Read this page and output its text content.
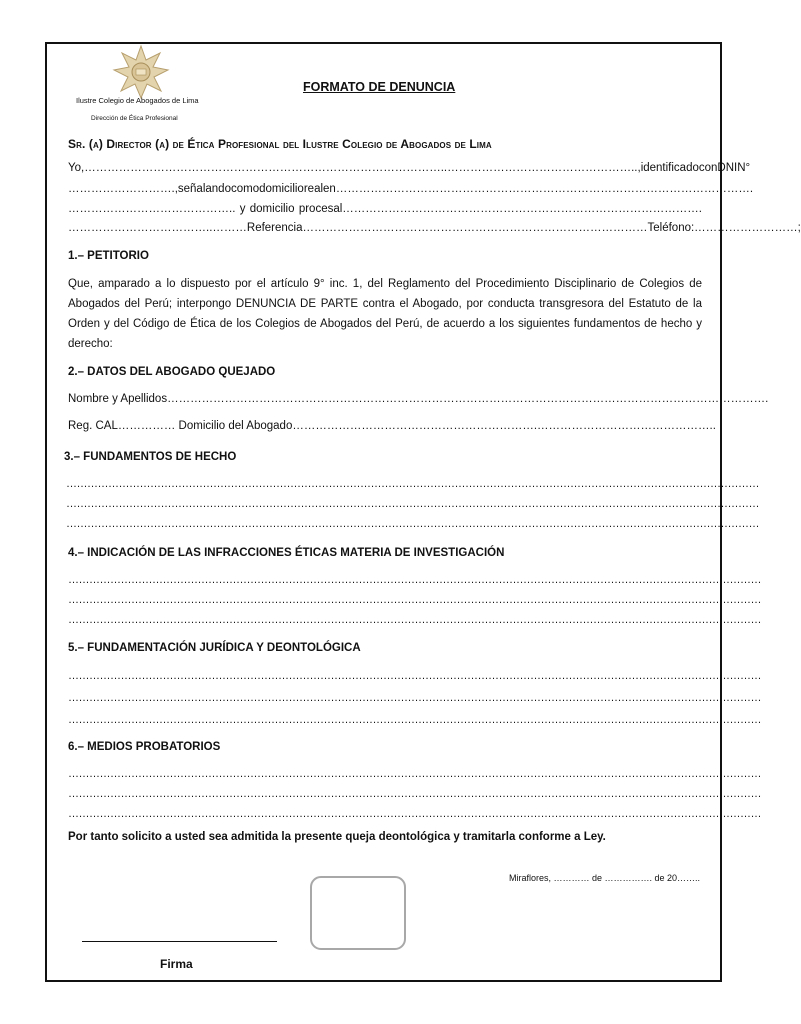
Ilustre Colegio de Abogados de Lima
Dirección de Ética Profesional
FORMATO DE DENUNCIA
Sr. (a) Director (a) de Ética Profesional del Ilustre Colegio de Abogados de Lima
Yo,…………………………………………………………………………………..………………………………………….., identificado con DNI N°
………………………., señalando como domicilio real en ……………………………………………………………………………………………….
…………………………………….. y domicilio procesal………………………………………………………………………………….
………………………………..………Referencia………………………………………………………………………………Teléfono:………………………;
1.– PETITORIO
Que, amparado a lo dispuesto por el artículo 9° inc. 1, del Reglamento del Procedimiento Disciplinario de Colegios de Abogados del Perú; interpongo DENUNCIA DE PARTE contra el Abogado, por conducta transgresora del Estatuto de la Orden y del Código de Ética de los Colegios de Abogados del Perú, de acuerdo a los siguientes fundamentos de hecho y derecho:
2.– DATOS DEL ABOGADO QUEJADO
Nombre y Apellidos………………………………………………………………………………………………………………………………………….
Reg. CAL…………… Domicilio del Abogado……………………………………………………….………………………………………..
3.– FUNDAMENTOS DE HECHO
………………………………………………………………………………………………………………………………………………………………………………
………………………………………………………………………………………………………………………………………………………………………………
………………………………………………………………………………………………………………………………………………………………………………
4.– INDICACIÓN DE LAS INFRACCIONES ÉTICAS MATERIA DE INVESTIGACIÓN
………………………………………………………………………………………………………………………………………………………………………………
………………………………………………………………………………………………………………………………………………………………………………
………………………………………………………………………………………………………………………………………………………………………………
5.– FUNDAMENTACIÓN JURÍDICA Y DEONTOLÓGICA
………………………………………………………………………………………………………………………………………………………………………………
………………………………………………………………………………………………………………………………………………………………………………
………………………………………………………………………………………………………………………………………………………………………………
6.– MEDIOS PROBATORIOS
………………………………………………………………………………………………………………………………………………………………………………
………………………………………………………………………………………………………………………………………………………………………………
………………………………………………………………………………………………………………………………………………………………………………
Por tanto solicito a usted sea admitida la presente queja deontológica y tramitarla conforme a Ley.
Miraflores, ………… de ……………. de 20……..
Firma
